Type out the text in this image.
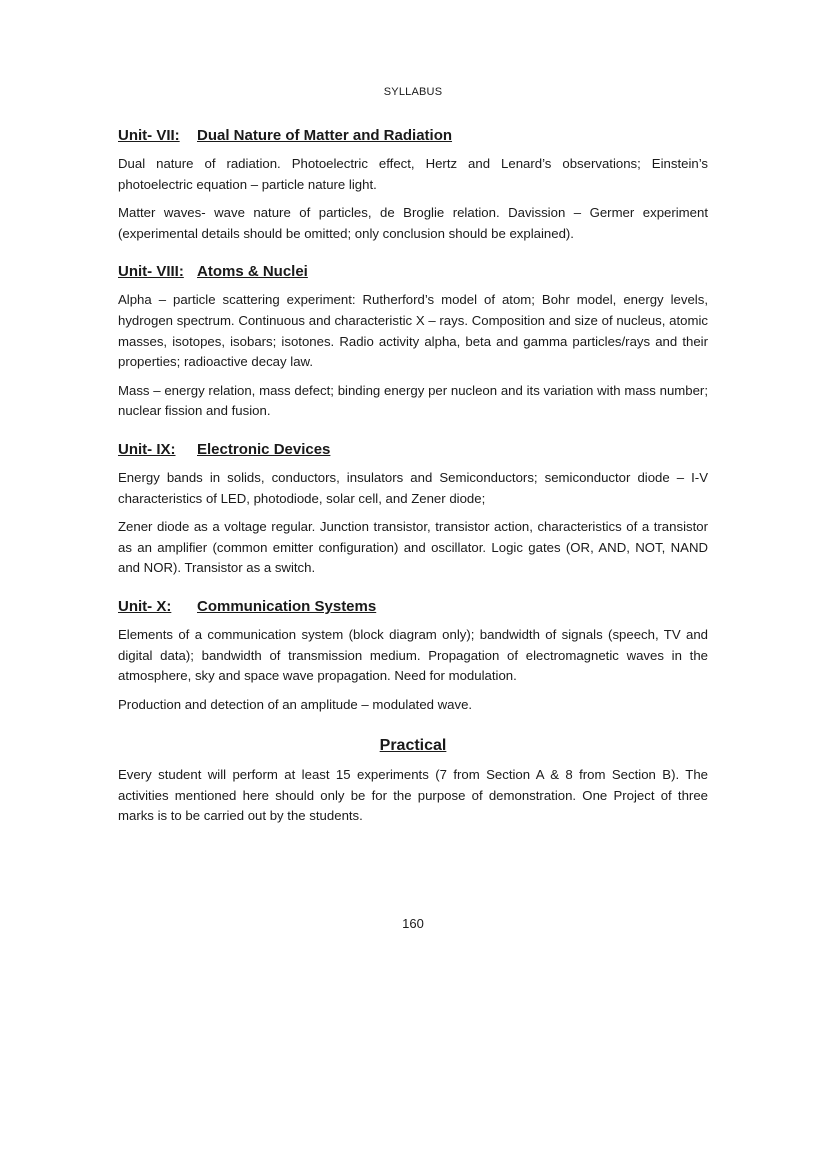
SYLLABUS
Unit- VII: Dual Nature of Matter and Radiation

Dual nature of radiation. Photoelectric effect, Hertz and Lenard’s observations; Einstein’s photoelectric equation – particle nature light.

Matter waves- wave nature of particles, de Broglie relation. Davission – Germer experiment (experimental details should be omitted; only conclusion should be explained).

Unit- VIII: Atoms & Nuclei

Alpha – particle scattering experiment: Rutherford’s model of atom; Bohr model, energy levels, hydrogen spectrum. Continuous and characteristic X – rays. Composition and size of nucleus, atomic masses, isotopes, isobars; isotones. Radio activity alpha, beta and gamma particles/rays and their properties; radioactive decay law.

Mass – energy relation, mass defect; binding energy per nucleon and its variation with mass number; nuclear fission and fusion.

Unit- IX: Electronic Devices

Energy bands in solids, conductors, insulators and Semiconductors; semiconductor diode – I-V characteristics of LED, photodiode, solar cell, and Zener diode;

Zener diode as a voltage regular. Junction transistor, transistor action, characteristics of a transistor as an amplifier (common emitter configuration) and oscillator. Logic gates (OR, AND, NOT, NAND and NOR). Transistor as a switch.

Unit- X: Communication Systems

Elements of a communication system (block diagram only); bandwidth of signals (speech, TV and digital data); bandwidth of transmission medium. Propagation of electromagnetic waves in the atmosphere, sky and space wave propagation. Need for modulation.

Production and detection of an amplitude – modulated wave.

Practical

Every student will perform at least 15 experiments (7 from Section A & 8 from Section B). The activities mentioned here should only be for the purpose of demonstration. One Project of three marks is to be carried out by the students.

160
